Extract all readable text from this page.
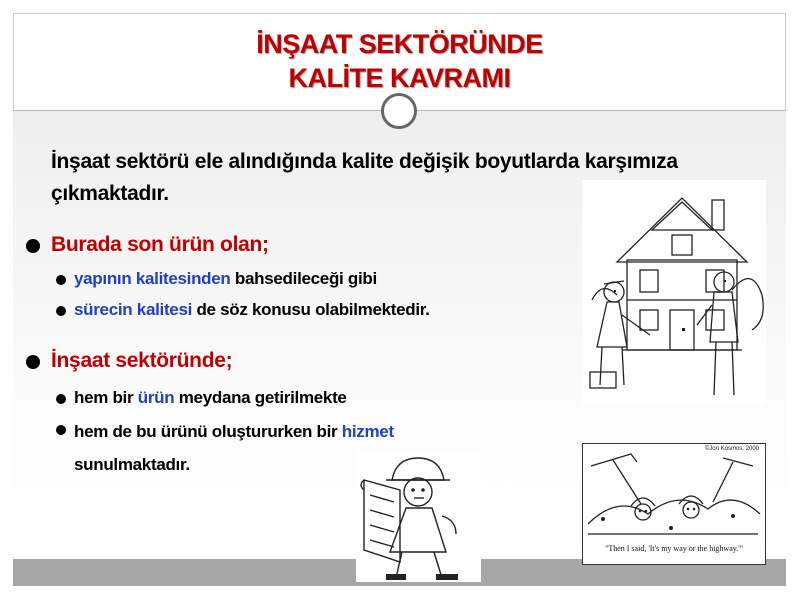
İNŞAAT SEKTÖRÜNDE
KALİTE KAVRAMI
İnşaat sektörü ele alındığında kalite değişik boyutlarda karşımıza çıkmaktadır.
Burada son ürün olan;
yapının kalitesinden bahsedileceği gibi
sürecin kalitesi de söz konusu olabilmektedir.
İnşaat sektöründe;
hem bir ürün meydana getirilmekte
hem de bu ürünü oluştururken bir hizmet
sunulmaktadır.
©Jon Kosmos, 2000
"Then I said, 'It's my way or the highway.'"
